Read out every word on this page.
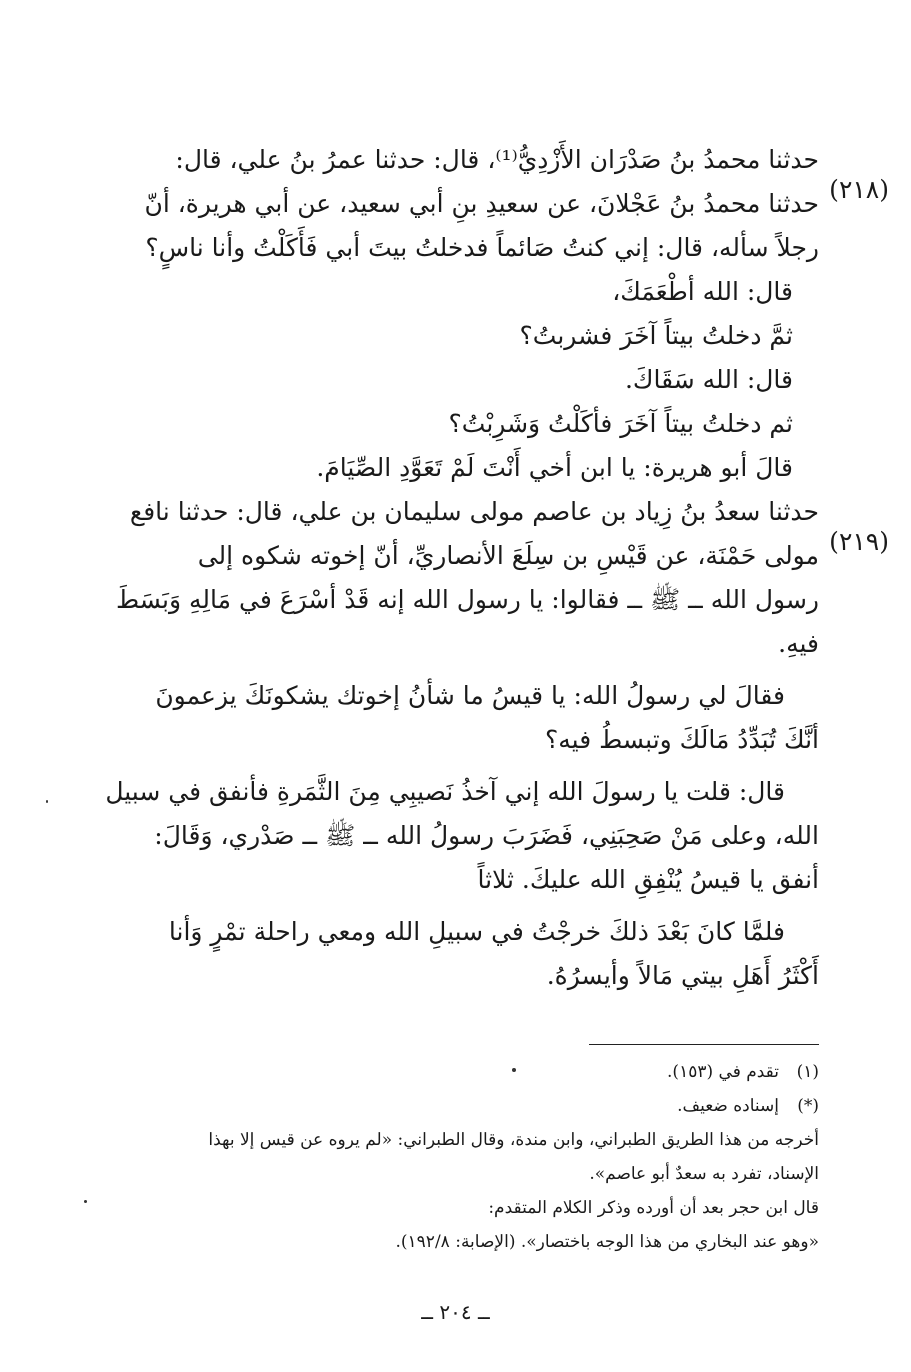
(٢١٨)
حدثنا محمدُ بنُ صَدْرَان الأَزْدِيُّ⁽¹⁾، قال: حدثنا عمرُ بنُ علي، قال:
حدثنا محمدُ بنُ عَجْلانَ، عن سعيدِ بنِ أبي سعيد، عن أبي هريرة، أنّ
رجلاً سأله، قال: إني كنتُ صَائماً فدخلتُ بيتَ أبي فَأَكَلْتُ وأنا ناسٍ؟
قال: الله أطْعَمَكَ،
ثمَّ دخلتُ بيتاً آخَرَ فشربتُ؟
قال: الله سَقَاكَ.
ثم دخلتُ بيتاً آخَرَ فأكَلْتُ وَشَرِبْتُ؟
قالَ أبو هريرة: يا ابن أخي أَنْتَ لَمْ تَعَوَّدِ الصِّيَامَ.
(٢١٩)
حدثنا سعدُ بنُ زِياد بن عاصم مولى سليمان بن علي، قال: حدثنا نافع
مولى حَمْنَة، عن قَيْسِ بن سِلَعَ الأنصاريِّ، أنّ إخوته شكوه إلى
رسول الله ــ ﷺ ــ فقالوا: يا رسول الله إنه قَدْ أسْرَعَ في مَالِهِ وَبَسَطَ
فيهِ.
فقالَ لي رسولُ الله: يا قيسُ ما شأنُ إخوتك يشكونَكَ يزعمونَ
أنَّكَ تُبَدِّدُ مَالَكَ وتبسطُ فيه؟
قال: قلت يا رسولَ الله إني آخذُ نَصيبِي مِنَ الثَّمَرةِ فأنفق في سبيل
الله، وعلى مَنْ صَحِبَنِي، فَضَرَبَ رسولُ الله ــ ﷺ ــ صَدْري، وَقَالَ:
أنفق يا قيسُ يُنْفِقِ الله عليكَ. ثلاثاً
فلمَّا كانَ بَعْدَ ذلكَ خرجْتُ في سبيلِ الله ومعي راحلة تمْرٍ وَأنا
أَكْثَرُ أَهَلِ بيتي مَالاً وأيسرُهُ.
(١)تقدم في (١٥٣).
(*)إسناده ضعيف.
أخرجه من هذا الطريق الطبراني، وابن مندة، وقال الطبراني: «لم يروه عن قيس إلا بهذا
الإسناد، تفرد به سعدٌ أبو عاصم».
قال ابن حجر بعد أن أورده وذكر الكلام المتقدم:
«وهو عند البخاري من هذا الوجه باختصار». (الإصابة: ١٩٢/٨).
ــ ٢٠٤ ــ
